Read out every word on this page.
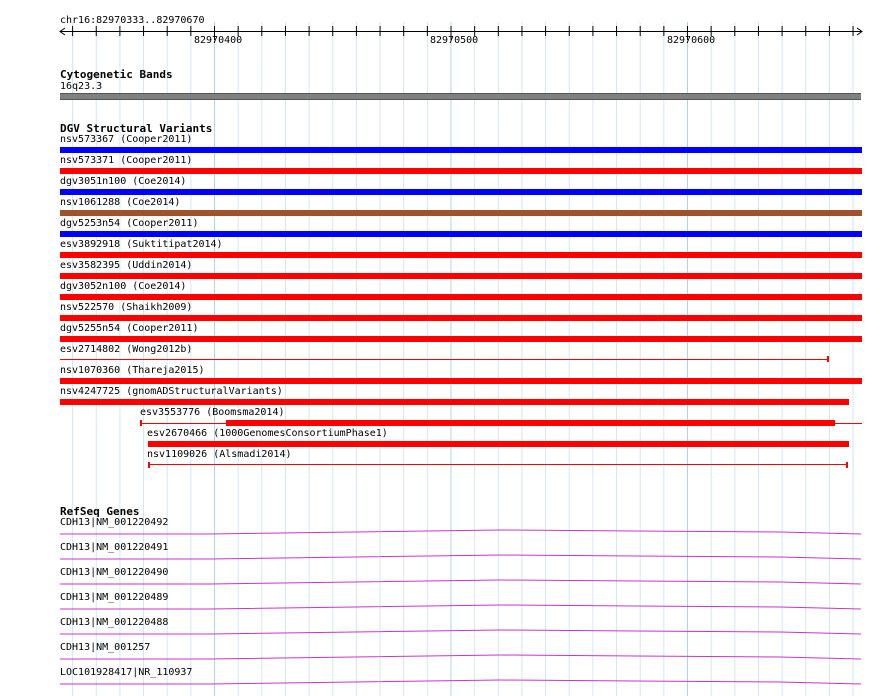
chr16:82970333..82970670
82970400	82970500	82970600
Cytogenetic Bands
16q23.3
DGV Structural Variants
nsv573367 (Cooper2011)
nsv573371 (Cooper2011)
dgv3051n100 (Coe2014)
nsv1061288 (Coe2014)
dgv5253n54 (Cooper2011)
esv3892918 (Suktitipat2014)
esv3582395 (Uddin2014)
dgv3052n100 (Coe2014)
nsv522570 (Shaikh2009)
dgv5255n54 (Cooper2011)
esv2714802 (Wong2012b)
nsv1070360 (Thareja2015)
nsv4247725 (gnomADStructuralVariants)
esv3553776 (Boomsma2014)
esv2670466 (1000GenomesConsortiumPhase1)
nsv1109026 (Alsmadi2014)
RefSeq Genes
CDH13|NM_001220492
CDH13|NM_001220491
CDH13|NM_001220490
CDH13|NM_001220489
CDH13|NM_001220488
CDH13|NM_001257
LOC101928417|NR_110937
